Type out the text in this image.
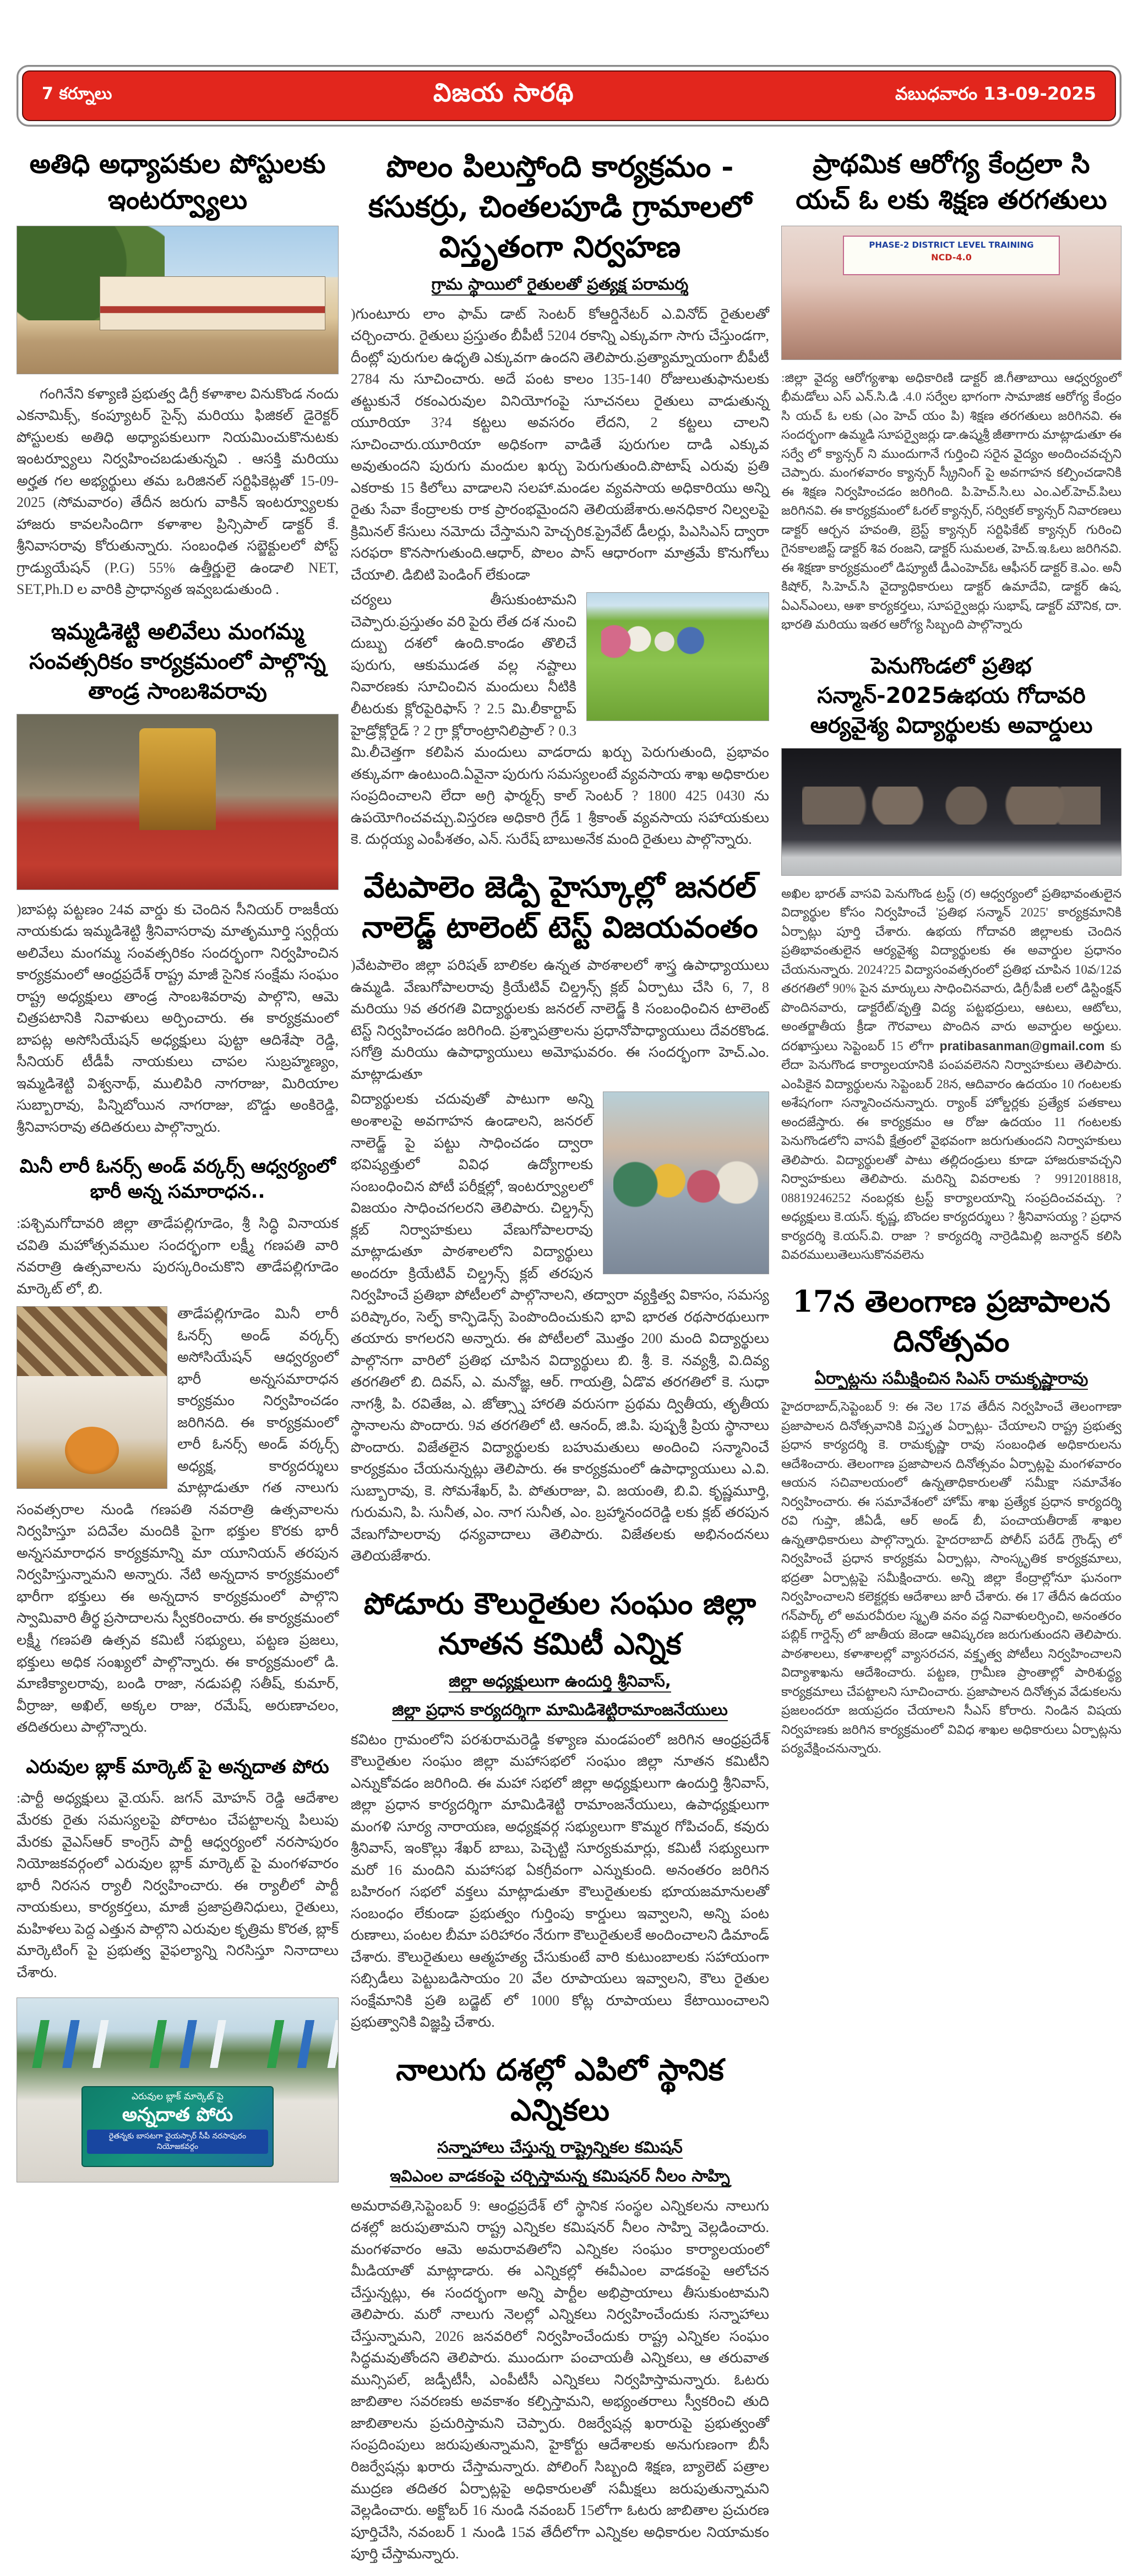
7 కర్నూలు	విజయ సారథి	వబుధవారం 13-09-2025
అతిధి అధ్యాపకుల పోస్టులకు ఇంటర్వ్యూలు

గంగినేని కళ్యాణి ప్రభుత్వ డిగ్రీ కళాశాల వినుకొండ నందు ఎకనామిక్స్, కంప్యూటర్ సైన్స్ మరియు ఫిజికల్ డైరెక్టర్ పోస్టులకు అతిధి అధ్యాపకులుగా నియమించుకొనుటకు ఇంటర్వ్యూలు నిర్వహించబడుతున్నవి . ఆసక్తి మరియు అర్హత గల అభ్యర్థులు తమ ఒరిజినల్ సర్టిఫికెట్లతో 15-09-2025 (సోమవారం) తేదీన జరుగు వాకిన్ ఇంటర్వ్యూలకు హాజరు కావలసిందిగా కళాశాల ప్రిన్సిపాల్ డాక్టర్ కే. శ్రీనివాసరావు కోరుతున్నారు. సంబంధిత సబ్జెక్టులలో పోస్ట్ గ్రాడ్యుయేషన్ (P.G) 55% ఉత్తీర్ణులై ఉండాలి NET, SET,Ph.D ల వారికి ప్రాధాన్యత ఇవ్వబడుతుంది .

ఇమ్మడిశెట్టి అలివేలు మంగమ్మ సంవత్సరికం కార్యక్రమంలో పాల్గొన్న తాండ్ర సాంబశివరావు

)బాపట్ల పట్టణం 24వ వార్డు కు చెందిన సీనియర్ రాజకీయ నాయకుడు ఇమ్మడిశెట్టి శ్రీనివాసరావు మాతృమూర్తి స్వర్గీయ అలివేలు మంగమ్మ సంవత్సరికం సందర్భంగా నిర్వహించిన కార్యక్రమంలో ఆంధ్రప్రదేశ్ రాష్ట్ర మాజీ సైనిక సంక్షేమ సంఘం రాష్ట్ర అధ్యక్షులు తాండ్ర సాంబశివరావు పాల్గొని, ఆమె చిత్రపటానికి నివాళులు అర్పించారు. ఈ కార్యక్రమంలో బాపట్ల అసోసియేషన్ అధ్యక్షులు పుట్టా ఆదిశేషా రెడ్డి, సీనియర్ టీడీపీ నాయకులు చాపల సుబ్రహ్మణ్యం, ఇమ్మడిశెట్టి విశ్వనాథ్, ములిపిరి నాగరాజు, మిరియాల సుబ్బారావు, పిన్నిబోయిన నాగరాజు, బొడ్డు అంకిరెడ్డి, శ్రీనివాసరావు తదితరులు పాల్గొన్నారు.

మినీ లారీ ఓనర్స్ అండ్ వర్కర్స్ ఆధ్వర్యంలో భారీ అన్న సమారాధన..

:పశ్చిమగోదావరి జిల్లా తాడేపల్లిగూడెం, శ్రీ సిద్ధి వినాయక చవితి మహోత్సవముల సందర్భంగా లక్ష్మీ గణపతి వారి నవరాత్రి ఉత్సవాలను పురస్కరించుకొని తాడేపల్లిగూడెం మార్కెట్ లో, బి.

తాడేపల్లిగూడెం మినీ లారీ ఓనర్స్ అండ్ వర్కర్స్ అసోసియేషన్ ఆధ్వర్యంలో భారీ అన్నసమారాధన కార్యక్రమం నిర్వహించడం జరిగినది. ఈ కార్యక్రమంలో లారీ ఓనర్స్ అండ్ వర్కర్స్ అధ్యక్ష, కార్యదర్శులు మాట్లాడుతూ గత నాలుగు సంవత్సరాల నుండి గణపతి నవరాత్రి ఉత్సవాలను నిర్వహిస్తూ పదివేల మందికి పైగా భక్తుల కొరకు భారీ అన్నసమారాధన కార్యక్రమాన్ని మా యూనియన్ తరపున నిర్వహిస్తున్నామని అన్నారు. నేటి అన్నదాన కార్యక్రమంలో భారీగా భక్తులు ఈ అన్నదాన కార్యక్రమంలో పాల్గొని స్వామివారి తీర్థ ప్రసాదాలను స్వీకరించారు. ఈ కార్యక్రమంలో లక్ష్మీ గణపతి ఉత్సవ కమిటీ సభ్యులు, పట్టణ ప్రజలు, భక్తులు అధిక సంఖ్యలో పాల్గొన్నారు. ఈ కార్యక్రమంలో డి. మాణిక్యాలరావు, బండి రాజా, నడుపల్లి సతీష్, కుమార్, వీర్రాజు, అఖిల్, అక్కల రాజు, రమేష్, అరుణాచలం, తదితరులు పాల్గొన్నారు.

ఎరువుల బ్లాక్ మార్కెట్ పై అన్నదాత పోరు

:పార్టీ అధ్యక్షులు వై.యస్. జగన్ మోహన్ రెడ్డి ఆదేశాల మేరకు రైతు సమస్యలపై పోరాటం చేపట్టాలన్న పిలుపు మేరకు వైఎస్ఆర్ కాంగ్రెస్ పార్టీ ఆధ్వర్యంలో నరసాపురం నియోజకవర్గంలో ఎరువుల బ్లాక్ మార్కెట్ పై మంగళవారం భారీ నిరసన ర్యాలీ నిర్వహించారు. ఈ ర్యాలీలో పార్టీ నాయకులు, కార్యకర్తలు, మాజీ ప్రజాప్రతినిధులు, రైతులు, మహిళలు పెద్ద ఎత్తున పాల్గొని ఎరువుల కృత్రిమ కొరత, బ్లాక్ మార్కెటింగ్ పై ప్రభుత్వ వైఫల్యాన్ని నిరసిస్తూ నినాదాలు చేశారు.

ఎరువుల బ్లాక్ మార్కెట్ పై
అన్నదాత పోరు
రైతన్నకు బాసటగా వైయస్సార్ సీపీ నరసాపురం నియోజకవర్గం
పొలం పిలుస్తోంది కార్యక్రమం - కసుకర్రు, చింతలపూడి గ్రామాలలో విస్తృతంగా నిర్వహణ
గ్రామ స్థాయిలో రైతులతో ప్రత్యక్ష పరామర్శ

)గుంటూరు లాం ఫామ్ డాట్ సెంటర్ కోఆర్డినేటర్ ఎ.వినోద్ రైతులతో చర్చించారు. రైతులు ప్రస్తుతం బీపీటీ 5204 రకాన్ని ఎక్కువగా సాగు చేస్తుండగా, దీంట్లో పురుగుల ఉధృతి ఎక్కువగా ఉందని తెలిపారు.ప్రత్యామ్నాయంగా బీపీటీ 2784 ను సూచించారు. అదే పంట కాలం 135-140 రోజులుతుఫానులకు తట్టుకునే రకంఎరువుల వినియోగంపై సూచనలు రైతులు వాడుతున్న యూరియా 3?4 కట్టలు అవసరం లేదని, 2 కట్టలు చాలని సూచించారు.యూరియా అధికంగా వాడితే పురుగుల దాడి ఎక్కువ అవుతుందని పురుగు మందుల ఖర్చు పెరుగుతుంది.పొటాష్ ఎరువు ప్రతి ఎకరాకు 15 కిలోలు వాడాలని సలహా.మండల వ్యవసాయ అధికారియు అన్ని రైతు సేవా కేంద్రాలకు రాక ప్రారంభమైందని తెలియజేశారు.అనధికార నిల్వలపై క్రిమినల్ కేసులు నమోదు చేస్తామని హెచ్చరిక.ప్రైవేట్ డీలర్లు, పిఎసిఎస్ ద్వారా సరఫరా కొనసాగుతుంది.ఆధార్, పొలం పాస్ ఆధారంగా మాత్రమే కొనుగోలు చేయాలి. డిబిటి పెండింగ్ లేకుండా

చర్యలు తీసుకుంటామని చెప్పారు.ప్రస్తుతం వరి పైరు లేత దశ నుంచి దుబ్బు దశలో ఉంది.కాండం తొలిచే పురుగు, ఆకుముడత వల్ల నష్టాలు నివారణకు సూచించిన మందులు నీటికి లీటరుకు క్లోరపైరిఫాస్ ? 2.5 మి.లీకార్టాప్ హైడ్రోక్లోరైడ్ ? 2 గ్రా క్లోరాంట్రానిలిప్రాల్ ? 0.3 మి.లీచెత్తగా కలిపిన మందులు వాడరాదు ఖర్చు పెరుగుతుంది, ప్రభావం తక్కువగా ఉంటుంది.ఏవైనా పురుగు సమస్యలంటే వ్యవసాయ శాఖ అధికారుల సంప్రదించాలని లేదా అగ్రి ఫార్మర్స్ కాల్ సెంటర్ ? 1800 425 0430 ను ఉపయోగించవచ్చు.విస్తరణ అధికారి గ్రేడ్ 1 శ్రీకాంత్ వ్యవసాయ సహాయకులు కె. దుర్గయ్య ఎంపీశతం, ఎన్. సురేష్ బాబుఅనేక మంది రైతులు పాల్గొన్నారు.

వేటపాలెం జెడ్పి హైస్కూల్లో జనరల్ నాలెడ్జ్ టాలెంట్ టెస్ట్ విజయవంతం

)వేటపాలెం జిల్లా పరిషత్ బాలికల ఉన్నత పాఠశాలలో శాస్త్ర ఉపాధ్యాయులు ఉమ్మడి. వేణుగోపాలరావు క్రియేటివ్ చిల్డ్రన్స్ క్లబ్ ఏర్పాటు చేసి 6, 7, 8 మరియు 9వ తరగతి విద్యార్థులకు జనరల్ నాలెడ్జ్ కి సంబంధించిన టాలెంట్ టెస్ట్ నిర్వహించడం జరిగింది. ప్రశ్నాపత్రాలను ప్రధానోపాధ్యాయులు దేవరకొండ. సగోత్రి మరియు ఉపాధ్యాయులు అమోఘవరం. ఈ సందర్భంగా హెచ్.ఎం. మాట్లాడుతూ

విద్యార్థులకు చదువుతో పాటుగా అన్ని అంశాలపై అవగాహన ఉండాలని, జనరల్ నాలెడ్జ్ పై పట్టు సాధించడం ద్వారా భవిష్యత్తులో వివిధ ఉద్యోగాలకు సంబంధించిన పోటీ పరీక్షల్లో, ఇంటర్వ్యూలలో విజయం సాధించగలరని తెలిపారు. చిల్డ్రన్స్ క్లబ్ నిర్వాహకులు వేణుగోపాలరావు మాట్లాడుతూ పాఠశాలలోని విద్యార్థులు అందరూ క్రియేటివ్ చిల్డ్రన్స్ క్లబ్ తరపున నిర్వహించే ప్రతిభా పోటీలలో పాల్గొనాలని, తద్వారా వ్యక్తిత్వ వికాసం, సమస్య పరిష్కారం, సెల్ఫ్ కాన్ఫిడెన్స్ పెంపొందించుకుని భావి భారత రథసారథులుగా తయారు కాగలరని అన్నారు. ఈ పోటీలలో మొత్తం 200 మంది విద్యార్థులు పాల్గొనగా వారిలో ప్రతిభ చూపిన విద్యార్థులు బి. శ్రీ. కె. నవ్యశ్రీ, వి.దివ్య తరగతిలో బి. దివస్, ఎ. మనోజ్ఞ, ఆర్. గాయత్రి, ఏడొవ తరగతిలో కె. సుధా నాగశ్రీ, పి. రవితేజ, ఎ. జోత్స్నా హారతి వరుసగా ప్రథమ ద్వితీయ, తృతీయ స్థానాలను పొందారు. 9వ తరగతిలో టి. ఆనంద్, జి.పి. పుష్పశ్రీ ప్రియ స్థానాలు పొందారు. విజేతలైన విద్యార్థులకు బహుమతులు అందించి సన్మానించే కార్యక్రమం చేయనున్నట్లు తెలిపారు. ఈ కార్యక్రమంలో ఉపాధ్యాయులు ఎ.వి. సుబ్బారావు, కె. సోమశేఖర్, పి. పోతురాజు, వి. జయంతి, బి.వి. కృష్ణమూర్తి, గురుమని, పి. సునీత, ఎం. నాగ సునీత, ఎం. బ్రహ్మానందరెడ్డి లకు క్లబ్ తరపున వేణుగోపాలరావు ధన్యవాదాలు తెలిపారు. విజేతలకు అభినందనలు తెలియజేశారు.

పోడూరు కౌలురైతుల సంఘం జిల్లా నూతన కమిటీ ఎన్నిక
జిల్లా అధ్యక్షులుగా ఉందుర్తి శ్రీనివాస్,
జిల్లా ప్రధాన కార్యదర్శిగా మామిడిశెట్టిరామాంజనేయులు

కవిటం గ్రామంలోని పరశురామరెడ్డి కళ్యాణ మండపంలో జరిగిన ఆంధ్రప్రదేశ్ కౌలురైతుల సంఘం జిల్లా మహాసభలో సంఘం జిల్లా నూతన కమిటీని ఎన్నుకోవడం జరిగింది. ఈ మహా సభలో జిల్లా అధ్యక్షులుగా ఉందుర్తి శ్రీనివాస్, జిల్లా ప్రధాన కార్యదర్శిగా మామిడిశెట్టి రామాంజనేయులు, ఉపాధ్యక్షులుగా మంగళి సూర్య నారాయణ, అధ్యక్షవర్గ సభ్యులుగా కొమ్మర గోపిచంద్, కవురు శ్రీనివాస్, ఇంకొల్లు శేఖర్ బాబు, పెచ్చెట్టి సూర్యకుమార్లు, కమిటీ సభ్యులుగా మరో 16 మందిని మహాసభ ఏకగ్రీవంగా ఎన్నుకుంది. అనంతరం జరిగిన బహిరంగ సభలో వక్తలు మాట్లాడుతూ కౌలురైతులకు భూయజమానులతో సంబంధం లేకుండా ప్రభుత్వం గుర్తింపు కార్డులు ఇవ్వాలని, అన్ని పంట రుణాలు, పంటల బీమా పరిహారం నేరుగా కౌలురైతులకే అందించాలని డిమాండ్ చేశారు. కౌలురైతులు ఆత్మహత్య చేసుకుంటే వారి కుటుంబాలకు సహాయంగా సబ్సిడీలు పెట్టుబడిసాయం 20 వేల రూపాయలు ఇవ్వాలని, కౌలు రైతుల సంక్షేమానికి ప్రతి బడ్జెట్ లో 1000 కోట్ల రూపాయలు కేటాయించాలని ప్రభుత్వానికి విజ్ఞప్తి చేశారు.

నాలుగు దశల్లో ఎపిలో స్థానిక ఎన్నికలు
సన్నాహాలు చేస్తున్న రాష్ట్రెన్నికల కమిషన్
ఇవిఎంల వాడకంపై చర్చిస్తామన్న కమిషనర్ నీలం సాహ్ని

అమరావతి,సెప్టెంబర్ 9: ఆంధ్రప్రదేశ్ లో స్థానిక సంస్థల ఎన్నికలను నాలుగు దశల్లో జరుపుతామని రాష్ట్ర ఎన్నికల కమిషనర్ నీలం సాహ్ని వెల్లడించారు. మంగళవారం ఆమె అమరావతిలోని ఎన్నికల సంఘం కార్యాలయంలో మీడియాతో మాట్లాడారు. ఈ ఎన్నికల్లో ఈవీఎంల వాడకంపై ఆలోచన చేస్తున్నట్లు, ఈ సందర్భంగా అన్ని పార్టీల అభిప్రాయాలు తీసుకుంటామని తెలిపారు. మరో నాలుగు నెలల్లో ఎన్నికలు నిర్వహించేందుకు సన్నాహాలు చేస్తున్నామని, 2026 జనవరిలో నిర్వహించేందుకు రాష్ట్ర ఎన్నికల సంఘం సిద్ధమవుతోందని తెలిపారు. ముందుగా పంచాయతీ ఎన్నికలు, ఆ తరువాత మున్సిపల్, జడ్పీటీసీ, ఎంపీటీసీ ఎన్నికలు నిర్వహిస్తామన్నారు. ఓటరు జాబితాల సవరణకు అవకాశం కల్పిస్తామని, అభ్యంతరాలు స్వీకరించి తుది జాబితాలను ప్రచురిస్తామని చెప్పారు. రిజర్వేషన్ల ఖరారుపై ప్రభుత్వంతో సంప్రదింపులు జరుపుతున్నామని, హైకోర్టు ఆదేశాలకు అనుగుణంగా బీసీ రిజర్వేషన్లు ఖరారు చేస్తామన్నారు. పోలింగ్ సిబ్బంది శిక్షణ, బ్యాలెట్ పత్రాల ముద్రణ తదితర ఏర్పాట్లపై అధికారులతో సమీక్షలు జరుపుతున్నామని వెల్లడించారు. అక్టోబర్ 16 నుండి నవంబర్ 15లోగా ఓటరు జాబితాల ప్రచురణ పూర్తిచేసి, నవంబర్ 1 నుండి 15వ తేదీలోగా ఎన్నికల అధికారుల నియామకం పూర్తి చేస్తామన్నారు.

ప్రాథమిక ఆరోగ్య కేంద్రలా సి యచ్ ఓ లకు శిక్షణ తరగతులు
PHASE-2 DISTRICT LEVEL TRAINING
NCD-4.0

:జిల్లా వైద్య ఆరోగ్యశాఖ అధికారిణి డాక్టర్ జి.గీతాబాయి ఆధ్వర్యంలో భీమడోలు ఎస్ ఎన్.సి.డి .4.0 సర్వేల భాగంగా సామాజిక ఆరోగ్య కేంద్రం సి యచ్ ఓ లకు (ఎం హెచ్ యం పి) శిక్షణ తరగతులు జరిగినవి. ఈ సందర్భంగా ఉమ్మడి సూపర్వైజర్లు డా.ఉష్మశ్రీ జీతాగారు మాట్లాడుతూ ఈ సర్వే లో క్యాన్సర్ ని ముందుగానే గుర్తించి సరైన వైద్యం అందించవచ్చని చెప్పారు. మంగళవారం క్యాన్సర్ స్క్రీనింగ్ పై అవగాహన కల్పించడానికి ఈ శిక్షణ నిర్వహించడం జరిగింది. పి.హెచ్.సి.లు ఎం.ఎల్.హెచ్.పిలు జరిగినవి. ఈ కార్యక్రమంలో ఓరల్ క్యాన్సర్, సర్వికల్ క్యాన్సర్ నివారణలు డాక్టర్ ఆర్చన హవంతి, బ్రెస్ట్ క్యాన్సర్ సర్టిఫికేట్ క్యాన్సర్ గురించి గైనకాలజిస్ట్ డాక్టర్ శివ రంజని, డాక్టర్ సుమలత, హెచ్.ఇ.ఓలు జరిగినవి. ఈ శిక్షణా కార్యక్రమంలో డిప్యూటీ డీఎంహెచ్ఓ ఆఫీసర్ డాక్టర్ కె.ఎం. అనీ కిషోర్, సి.హెచ్.సి వైద్యాధికారులు డాక్టర్ ఉమాదేవి, డాక్టర్ ఉష, ఏఎన్ఎంలు, ఆశా కార్యకర్తలు, సూపర్వైజర్లు సుభాష్, డాక్టర్ మౌనిక, దా. భారతి మరియు ఇతర ఆరోగ్య సిబ్బంది పాల్గొన్నారు

పెనుగొండలో ప్రతిభ సన్మాన్-2025ఉభయ గోదావరి ఆర్యవైశ్య విద్యార్థులకు అవార్డులు

అఖిల భారత్ వాసవి పెనుగొండ ట్రస్ట్ (ర) ఆధ్వర్యంలో ప్రతిభావంతులైన విద్యార్థుల కోసం నిర్వహించే 'ప్రతిభ సన్మాన్ 2025' కార్యక్రమానికి ఏర్పాట్లు పూర్తి చేశారు. ఉభయ గోదావరి జిల్లాలకు చెందిన ప్రతిభావంతులైన ఆర్యవైశ్య విద్యార్థులకు ఈ అవార్డుల ప్రధానం చేయనున్నారు. 2024?25 విద్యాసంవత్సరంలో ప్రతిభ చూపిన 10వ/12వ తరగతిలో 90% పైన మార్కులు సాధించినవారు, డిగ్రీ/పీజీ లలో డిస్టింక్షన్ పొందినవారు, డాక్టరేట్/వృత్తి విద్య పట్టభద్రులు, ఆటలు, ఆటోలు, అంతర్జాతీయ క్రీడా గౌరవాలు పొందిన వారు అవార్డుల అర్హులు. దరఖాస్తులు సెప్టెంబర్ 15 లోగా pratibasanman@gmail.com కు లేదా పెనుగొండ కార్యాలయానికి పంపవలెనని నిర్వాహకులు తెలిపారు. ఎంపికైన విద్యార్థులను సెప్టెంబర్ 28న, ఆదివారం ఉదయం 10 గంటలకు అశేషగంగా సన్మానించనున్నారు. ర్యాంక్ హోల్డర్లకు ప్రత్యేక పతకాలు అందజేస్తారు. ఈ కార్యక్రమం ఆ రోజు ఉదయం 11 గంటలకు పెనుగొండలోని వాసవీ క్షేత్రంలో వైభవంగా జరుగుతుందని నిర్వాహకులు తెలిపారు. విద్యార్థులతో పాటు తల్లిదండ్రులు కూడా హాజరుకావచ్చని నిర్వాహకులు తెలిపారు. మరిన్ని వివరాలకు ? 9912018818, 08819246252 నంబర్లకు ట్రస్ట్ కార్యాలయాన్ని సంప్రదించవచ్చు. ? అధ్యక్షులు కె.యస్. కృష్ణ, బొందల కార్యదర్శులు ? శ్రీనివాసయ్య ? ప్రధాన కార్యదర్శి కె.యస్.వి. రాజా ? కార్యదర్శి నార్రెడిమిల్లి జనార్దన్ కలిసి వివరములుతెలుసుకొనవలెను

17న తెలంగాణ ప్రజాపాలన దినోత్సవం
ఏర్పాట్లను సమీక్షించిన సిఎస్ రామకృష్ణారావు

హైదరాబాద్,సెప్టెంబర్ 9: ఈ నెల 17వ తేదీన నిర్వహించే తెలంగాణా ప్రజాపాలన దినోత్సవానికి విస్తృత ఏర్పాట్లు- చేయాలని రాష్ట్ర ప్రభుత్వ ప్రధాన కార్యదర్శి కె. రామకృష్ణా రావు సంబంధిత అధికారులను ఆదేశించారు. తెలంగాణ ప్రజాపాలన దినోత్సవం ఏర్పాట్లపై మంగళవారం ఆయన సచివాలయంలో ఉన్నతాధికారులతో సమీక్షా సమావేశం నిర్వహించారు. ఈ సమావేశంలో హోమ్ శాఖ ప్రత్యేక ప్రధాన కార్యదర్శి రవి గుప్తా, జీఏడీ, ఆర్ అండ్ బీ, పంచాయతీరాజ్ శాఖల ఉన్నతాధికారులు పాల్గొన్నారు. హైదరాబాద్ పోలీస్ పరేడ్ గ్రౌండ్స్ లో నిర్వహించే ప్రధాన కార్యక్రమ ఏర్పాట్లు, సాంస్కృతిక కార్యక్రమాలు, భద్రతా ఏర్పాట్లపై సమీక్షించారు. అన్ని జిల్లా కేంద్రాల్లోనూ ఘనంగా నిర్వహించాలని కలెక్టర్లకు ఆదేశాలు జారీ చేశారు. ఈ 17 తేదీన ఉదయం గన్‌పార్క్ లో అమరవీరుల స్మృతి వనం వద్ద నివాళులర్పించి, అనంతరం పబ్లిక్ గార్డెన్స్ లో జాతీయ జెండా ఆవిష్కరణ జరుగుతుందని తెలిపారు. పాఠశాలలు, కళాశాలల్లో వ్యాసరచన, వక్తృత్వ పోటీలు నిర్వహించాలని విద్యాశాఖను ఆదేశించారు. పట్టణ, గ్రామీణ ప్రాంతాల్లో పారిశుద్ధ్య కార్యక్రమాలు చేపట్టాలని సూచించారు. ప్రజాపాలన దినోత్సవ వేడుకలను ప్రజలందరూ జయప్రదం చేయాలని సీఎస్ కోరారు. నిండిన విషయ నిర్వహణకు జరిగిన కార్యక్రమంలో వివిధ శాఖల అధికారులు ఏర్పాట్లను పర్యవేక్షించనున్నారు.
